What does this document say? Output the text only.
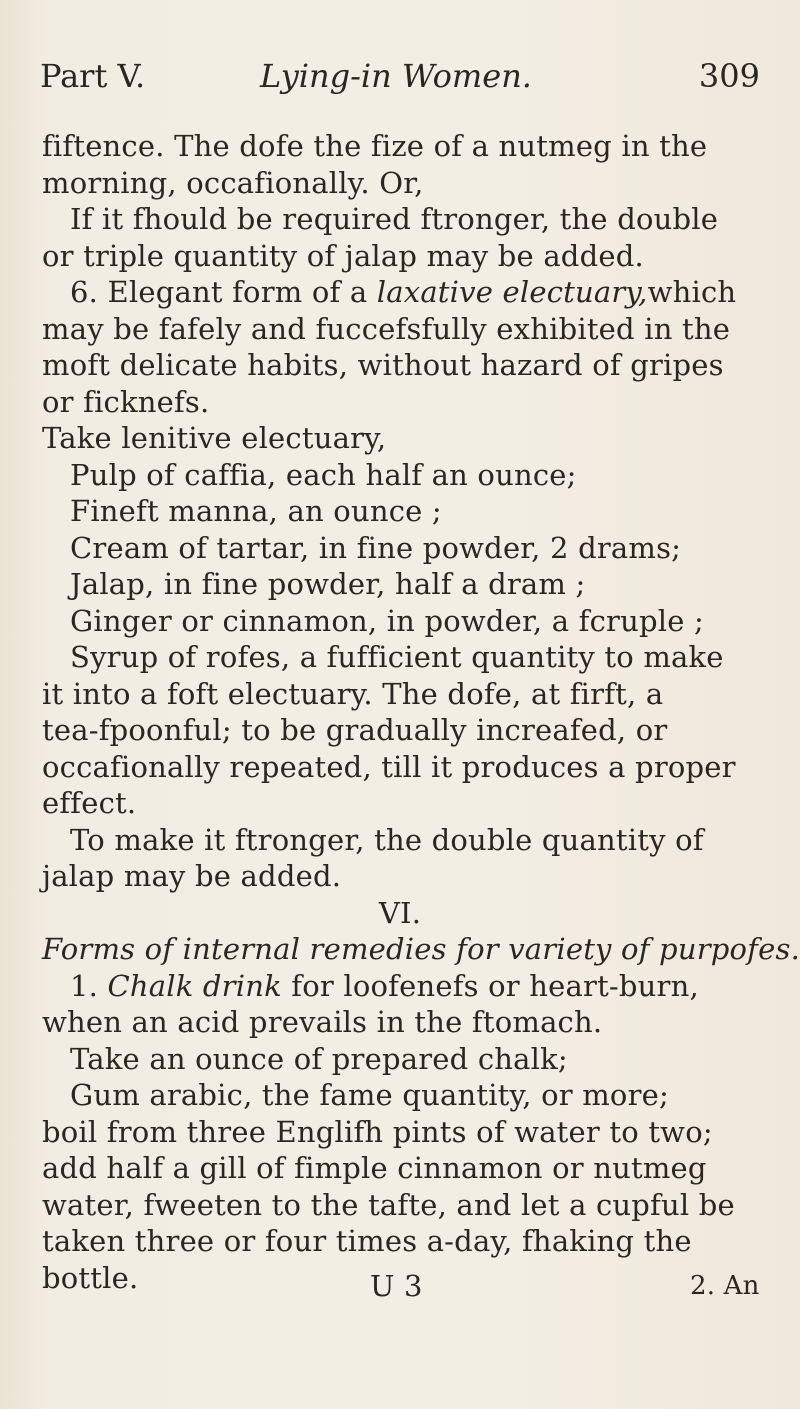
Part V.	Lying-in Women.	309
fiftence. The dofe the fize of a nutmeg in the
morning, occafionally. Or,
If it fhould be required ftronger, the double
or triple quantity of jalap may be added.
6. Elegant form of a laxative electuary,which
may be fafely and fuccefsfully exhibited in the
moft delicate habits, without hazard of gripes
or ficknefs.
Take lenitive electuary,
Pulp of caffia, each half an ounce;
Fineft manna, an ounce ;
Cream of tartar, in fine powder, 2 drams;
Jalap, in fine powder, half a dram ;
Ginger or cinnamon, in powder, a fcruple ;
Syrup of rofes, a fufficient quantity to make
it into a foft electuary. The dofe, at firft, a
tea-fpoonful; to be gradually increafed, or
occafionally repeated, till it produces a proper
effect.
To make it ftronger, the double quantity of
jalap may be added.
VI.
Forms of internal remedies for variety of purpofes.
1. Chalk drink for loofenefs or heart-burn,
when an acid prevails in the ftomach.
Take an ounce of prepared chalk;
Gum arabic, the fame quantity, or more;
boil from three Englifh pints of water to two;
add half a gill of fimple cinnamon or nutmeg
water, fweeten to the tafte, and let a cupful be
taken three or four times a-day, fhaking the
bottle.	U 3	2. An
